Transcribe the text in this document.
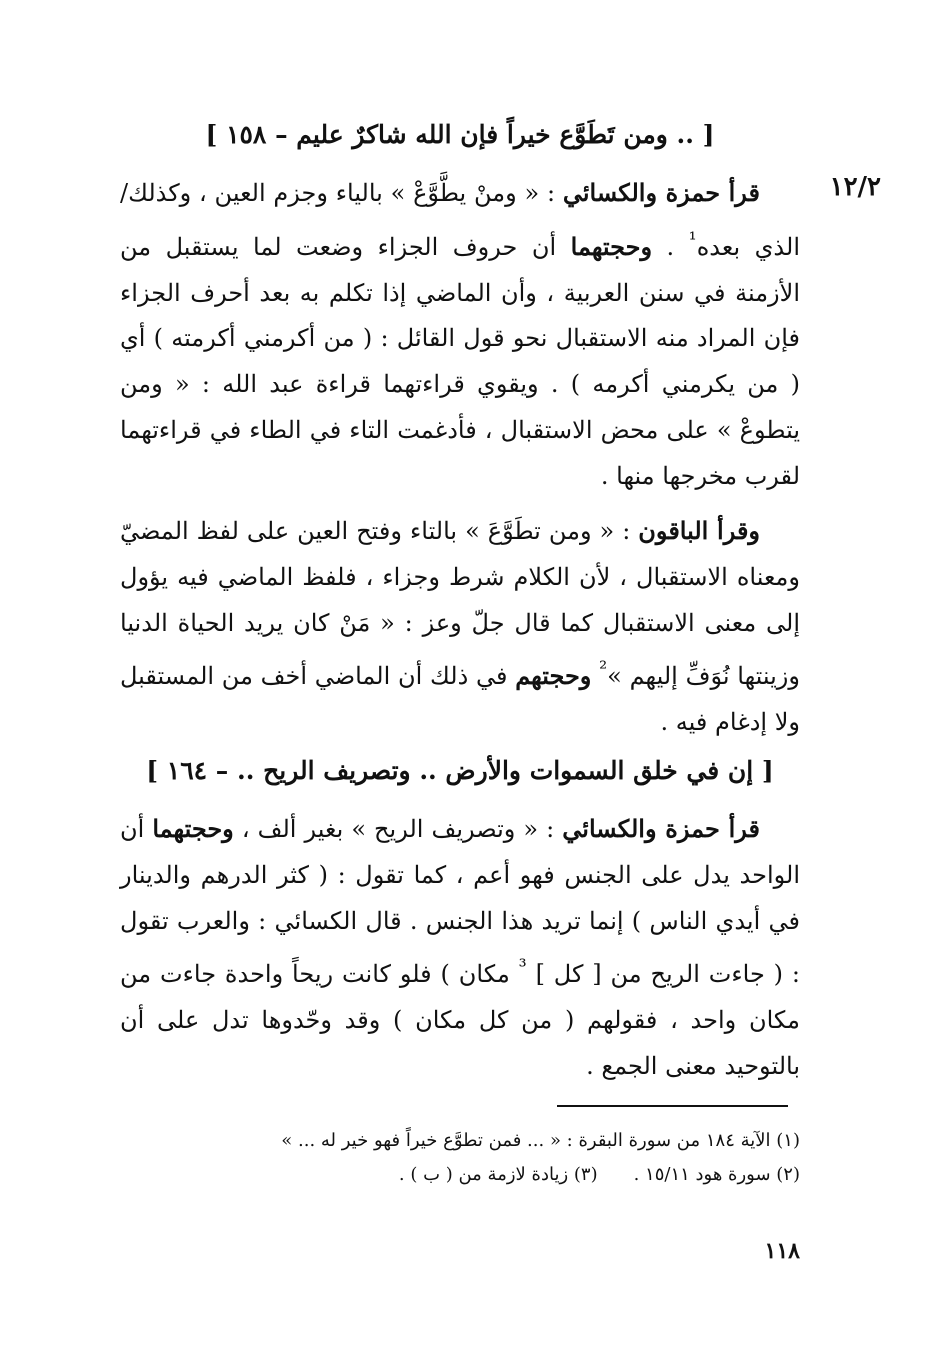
[ .. ومن تَطَوَّع خيراً فإن الله شاكرٌ عليم – ١٥٨ ]
١٢/٢
قرأ حمزة والكسائي : « ومنْ يطَّوَّعْ » بالياء وجزم العين ، وكذلك/ الذي بعده$^{^1}$ . وحجتهما أن حروف الجزاء وضعت لما يستقبل من الأزمنة في سنن العربية ، وأن الماضي إذا تكلم به بعد أحرف الجزاء فإن المراد منه الاستقبال نحو قول القائل : ( من أكرمني أكرمته ) أي ( من يكرمني أكرمه ) . ويقوي قراءتهما قراءة عبد الله : « ومن يتطوعْ » على محض الاستقبال ، فأدغمت التاء في الطاء في قراءتهما لقرب مخرجها منها .
وقرأ الباقون : « ومن تطَوَّعَ » بالتاء وفتح العين على لفظ المضيّ ومعناه الاستقبال ، لأن الكلام شرط وجزاء ، فلفظ الماضي فيه يؤول إلى معنى الاستقبال كما قال جلّ وعز : « مَنْ كان يريد الحياة الدنيا وزينتها نُوَفِّ إليهم »$^{^2}$ وحجتهم في ذلك أن الماضي أخف من المستقبل ولا إدغام فيه .
[ إن في خلق السموات والأرض .. وتصريف الريح .. – ١٦٤ ]
قرأ حمزة والكسائي : « وتصريف الريح » بغير ألف ، وحجتهما أن الواحد يدل على الجنس فهو أعم ، كما تقول : ( كثر الدرهم والدينار في أيدي الناس ) إنما تريد هذا الجنس . قال الكسائي : والعرب تقول : ( جاءت الريح من [ كل ] $^{^3}$ مكان ) فلو كانت ريحاً واحدة جاءت من مكان واحد ، فقولهم ( من كل مكان ) وقد وحّدوها تدل على أن بالتوحيد معنى الجمع .
(١) الآية ١٨٤ من سورة البقرة : « ... فمن تطوَّع خيراً فهو خير له ... »
(٢) سورة هود ١٥/١١ .(٣) زيادة لازمة من ( ب ) .
١١٨
